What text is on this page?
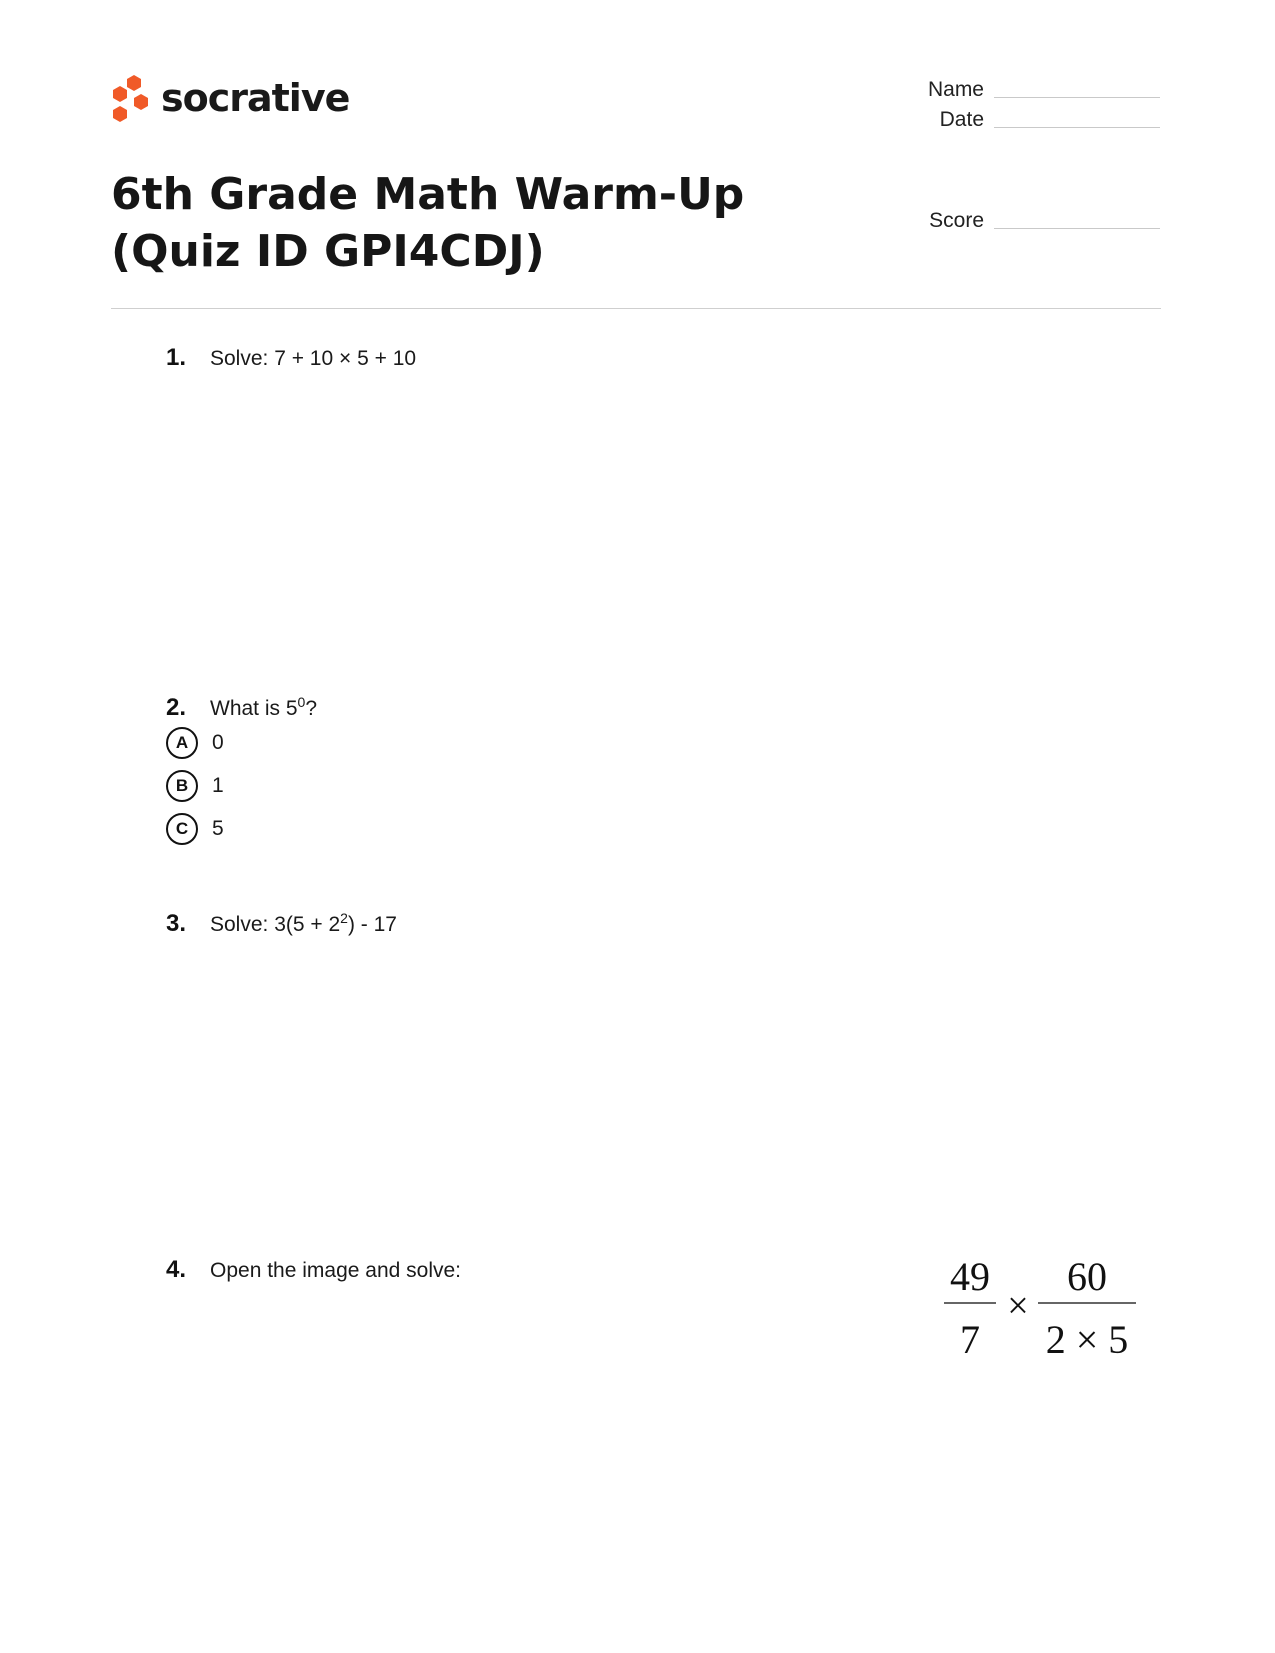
socrative	Name
Date
Score
6th Grade Math Warm-Up (Quiz ID GPI4CDJ)
1.	Solve: 7 + 10 × 5 + 10
2.	What is $5^0$?
A	0
B	1
C	5
3.	Solve: $3(5 + 2^2) - 17$
4.	Open the image and solve:	49
7
×
60
2 × 5
